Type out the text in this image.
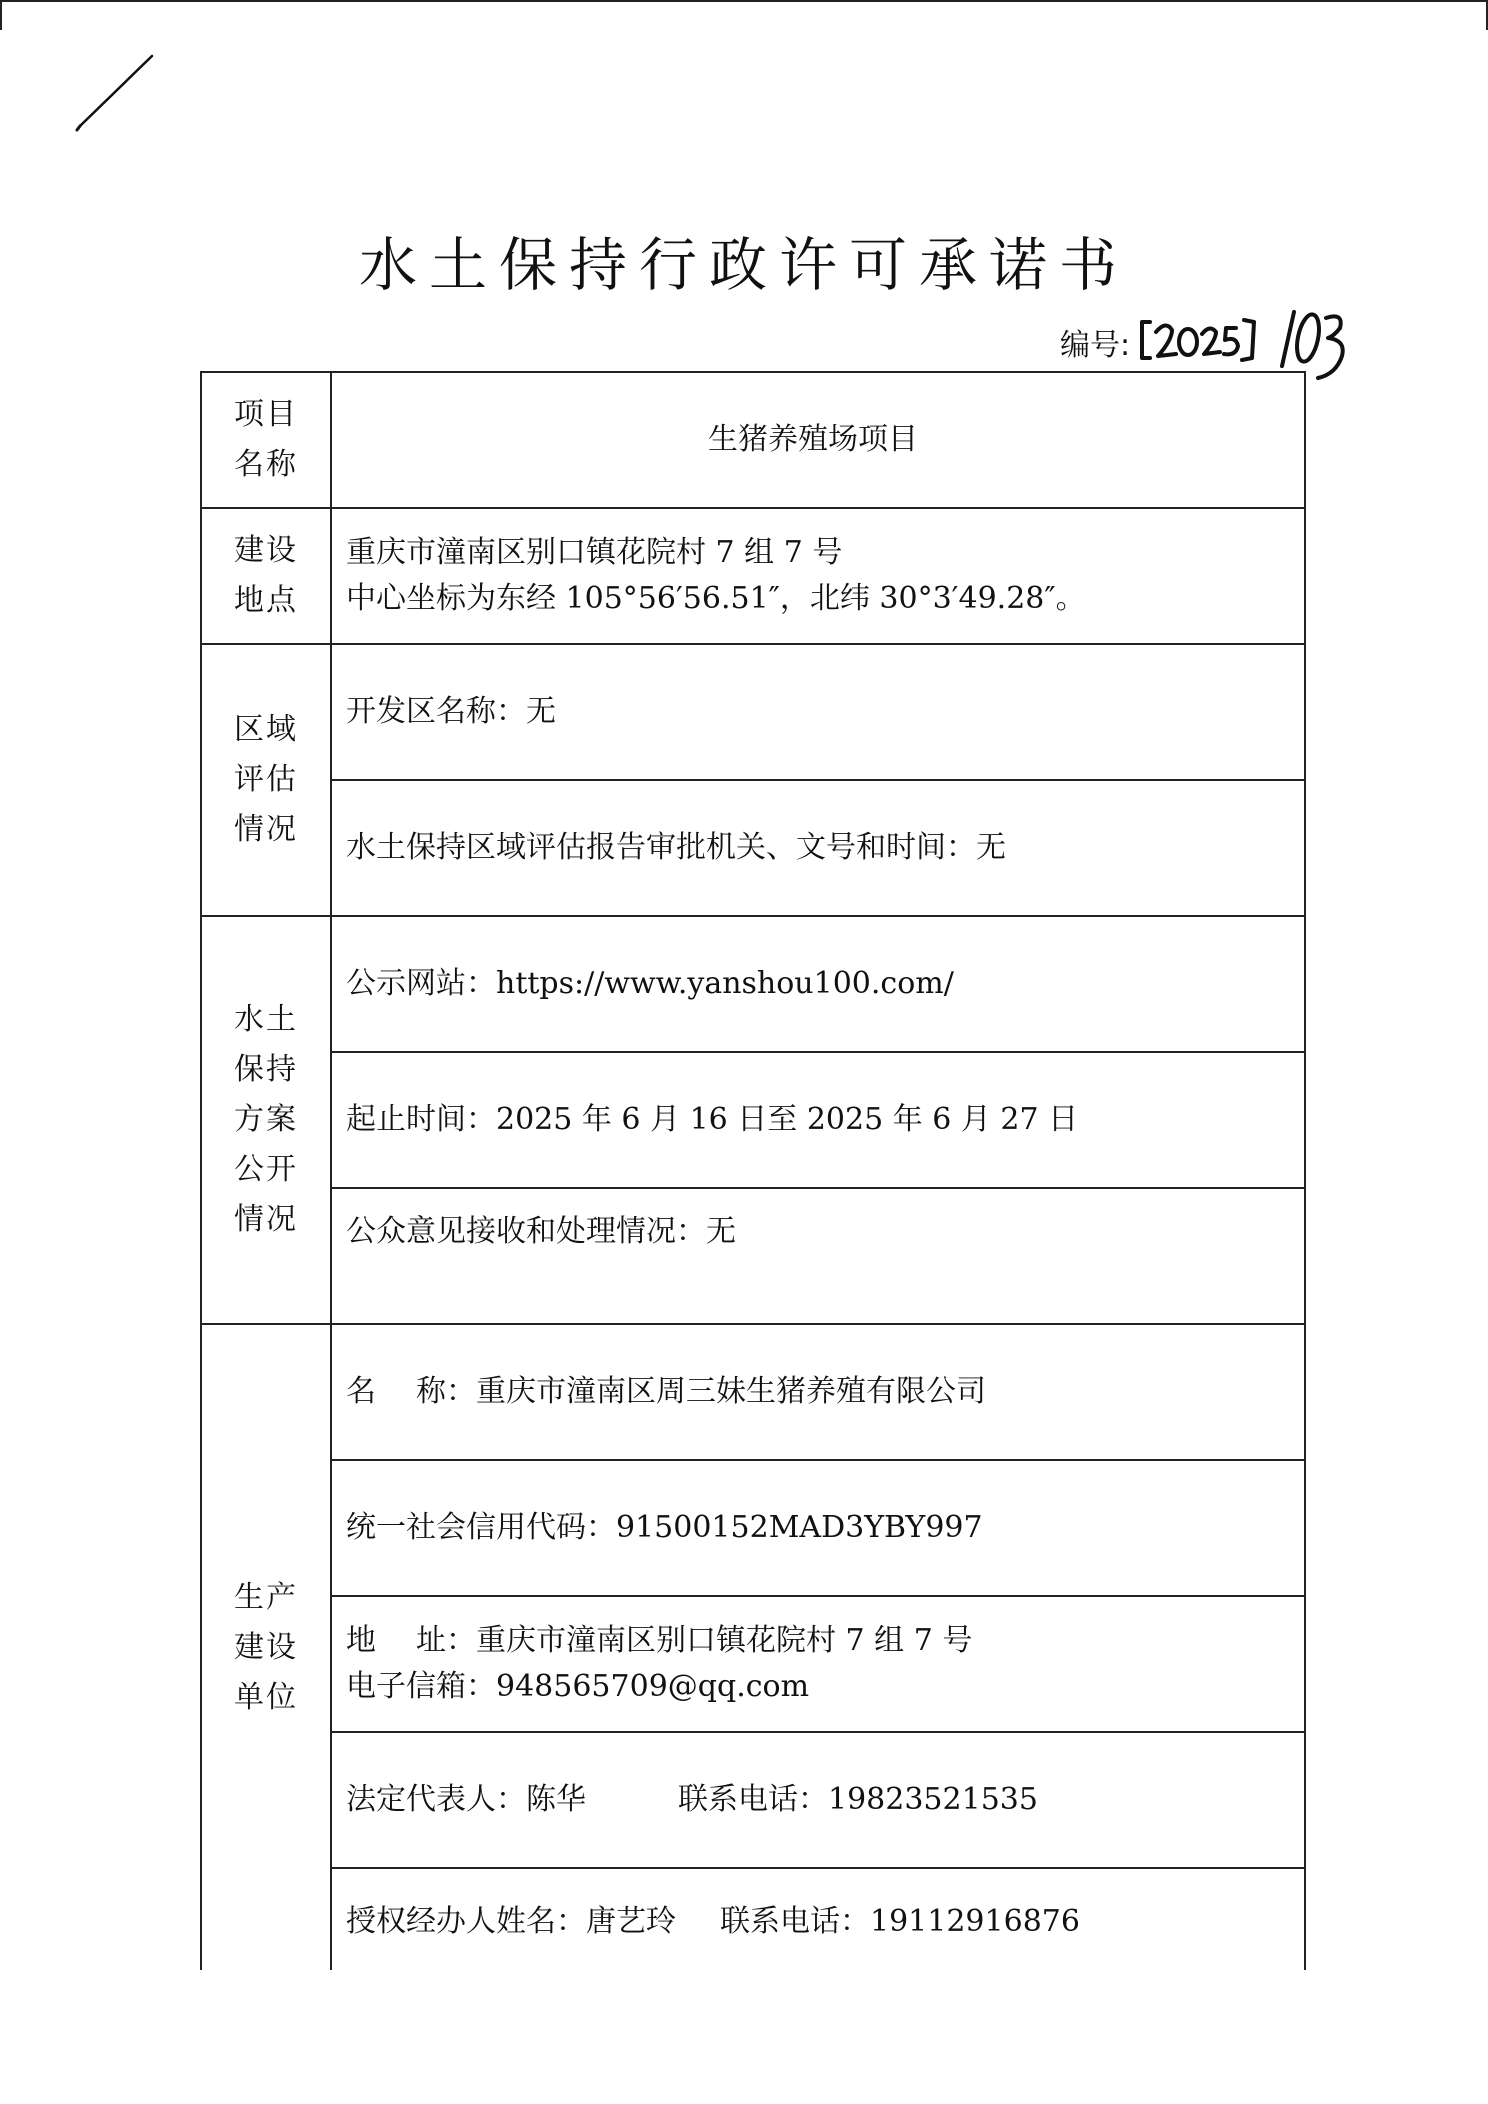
水土保持行政许可承诺书
编号:
项目名称	生猪养殖场项目
建设地点	重庆市潼南区别口镇花院村 7 组 7 号
中心坐标为东经 105°56′56.51″，北纬 30°3′49.28″。

区域评估情况	开发区名称：无
	水土保持区域评估报告审批机关、文号和时间：无
水土保持方案公开情况	公示网站：https://www.yanshou100.com/
	起止时间：2025 年 6 月 16 日至 2025 年 6 月 27 日
	公众意见接收和处理情况：无
生产建设单位	名 称：重庆市潼南区周三妹生猪养殖有限公司
	统一社会信用代码：91500152MAD3YBY997

	地 址：重庆市潼南区别口镇花院村 7 组 7 号
电子信箱：948565709@qq.com

	法定代表人：陈华 联系电话：19823521535
	授权经办人姓名：唐艺玲 联系电话：19112916876
